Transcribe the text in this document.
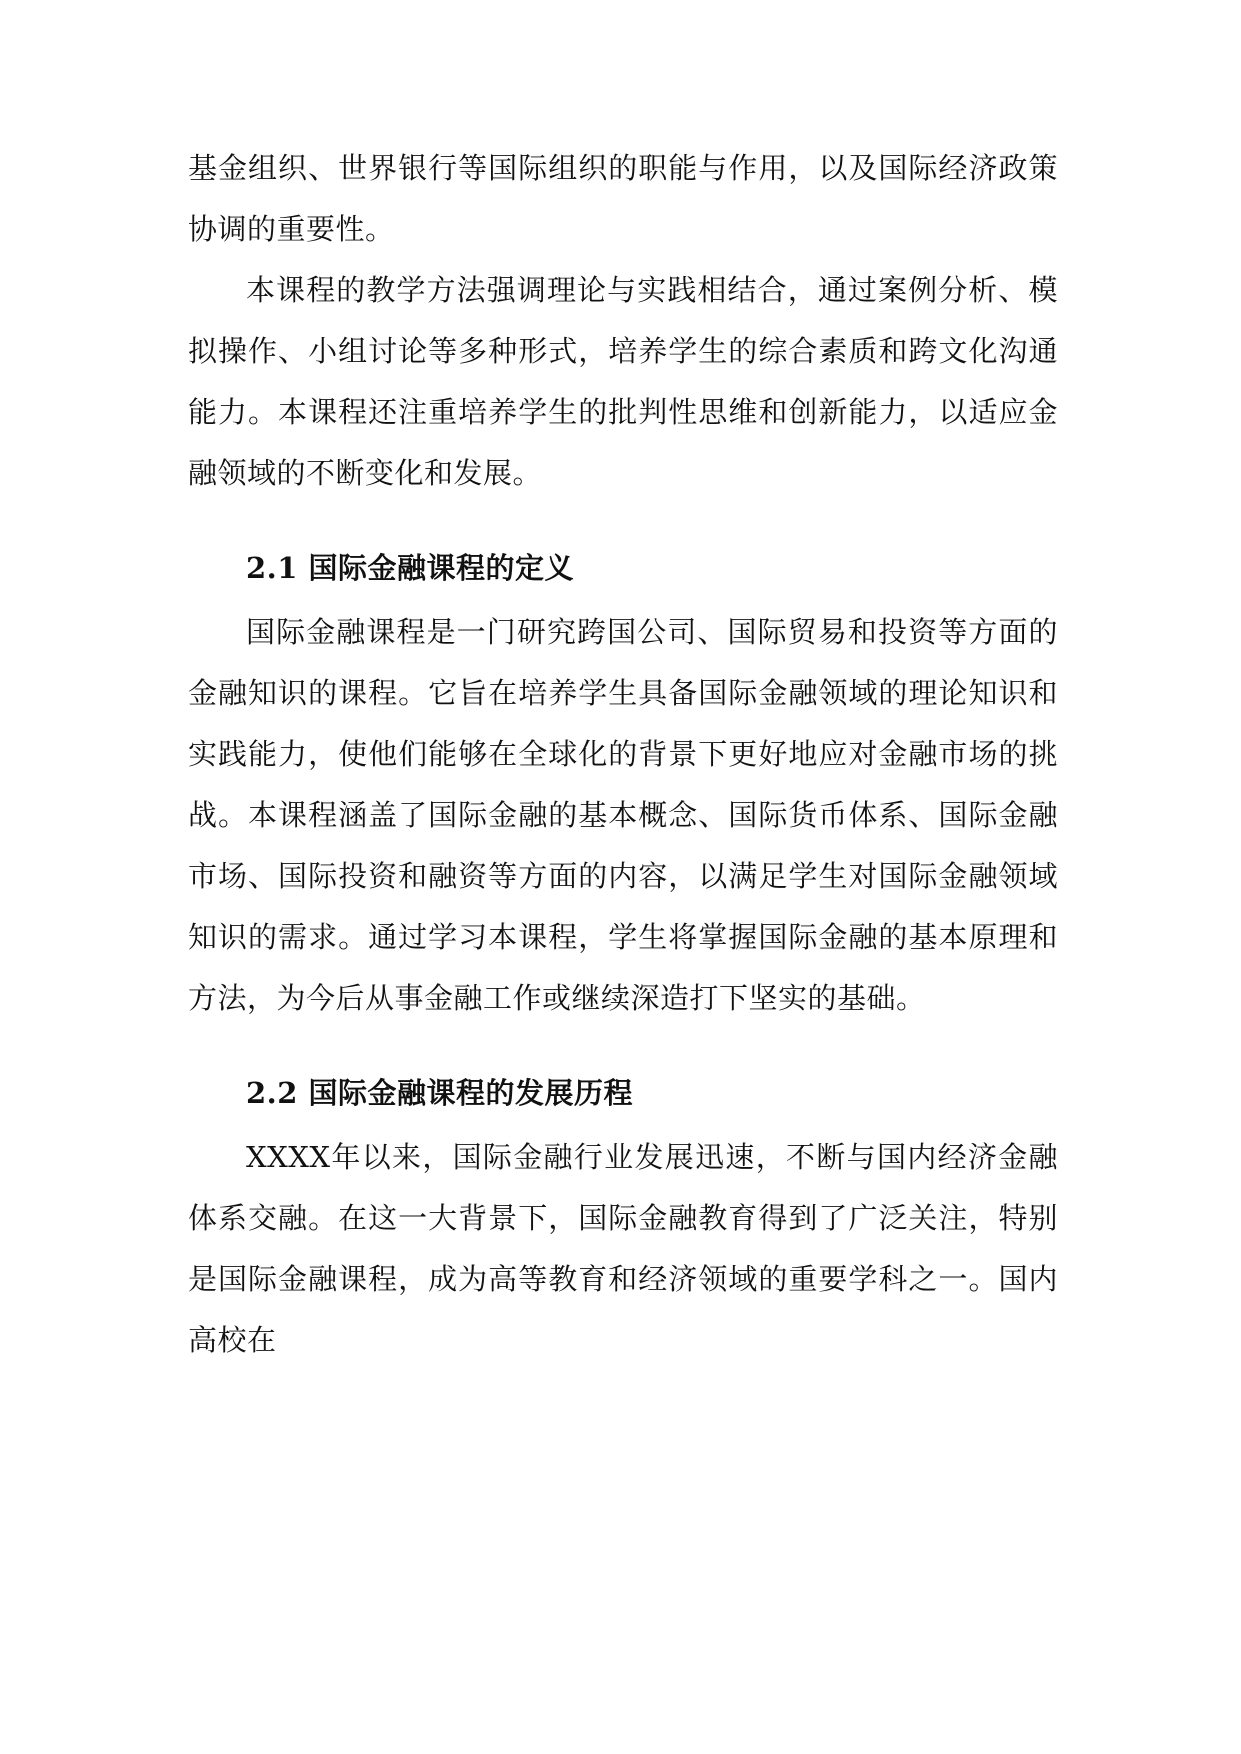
基金组织、世界银行等国际组织的职能与作用，以及国际经济政策协调的重要性。

本课程的教学方法强调理论与实践相结合，通过案例分析、模拟操作、小组讨论等多种形式，培养学生的综合素质和跨文化沟通能力。本课程还注重培养学生的批判性思维和创新能力，以适应金融领域的不断变化和发展。

2.1 国际金融课程的定义

国际金融课程是一门研究跨国公司、国际贸易和投资等方面的金融知识的课程。它旨在培养学生具备国际金融领域的理论知识和实践能力，使他们能够在全球化的背景下更好地应对金融市场的挑战。本课程涵盖了国际金融的基本概念、国际货币体系、国际金融市场、国际投资和融资等方面的内容，以满足学生对国际金融领域知识的需求。通过学习本课程，学生将掌握国际金融的基本原理和方法，为今后从事金融工作或继续深造打下坚实的基础。

2.2 国际金融课程的发展历程

XXXX年以来，国际金融行业发展迅速，不断与国内经济金融体系交融。在这一大背景下，国际金融教育得到了广泛关注，特别是国际金融课程，成为高等教育和经济领域的重要学科之一。国内高校在
